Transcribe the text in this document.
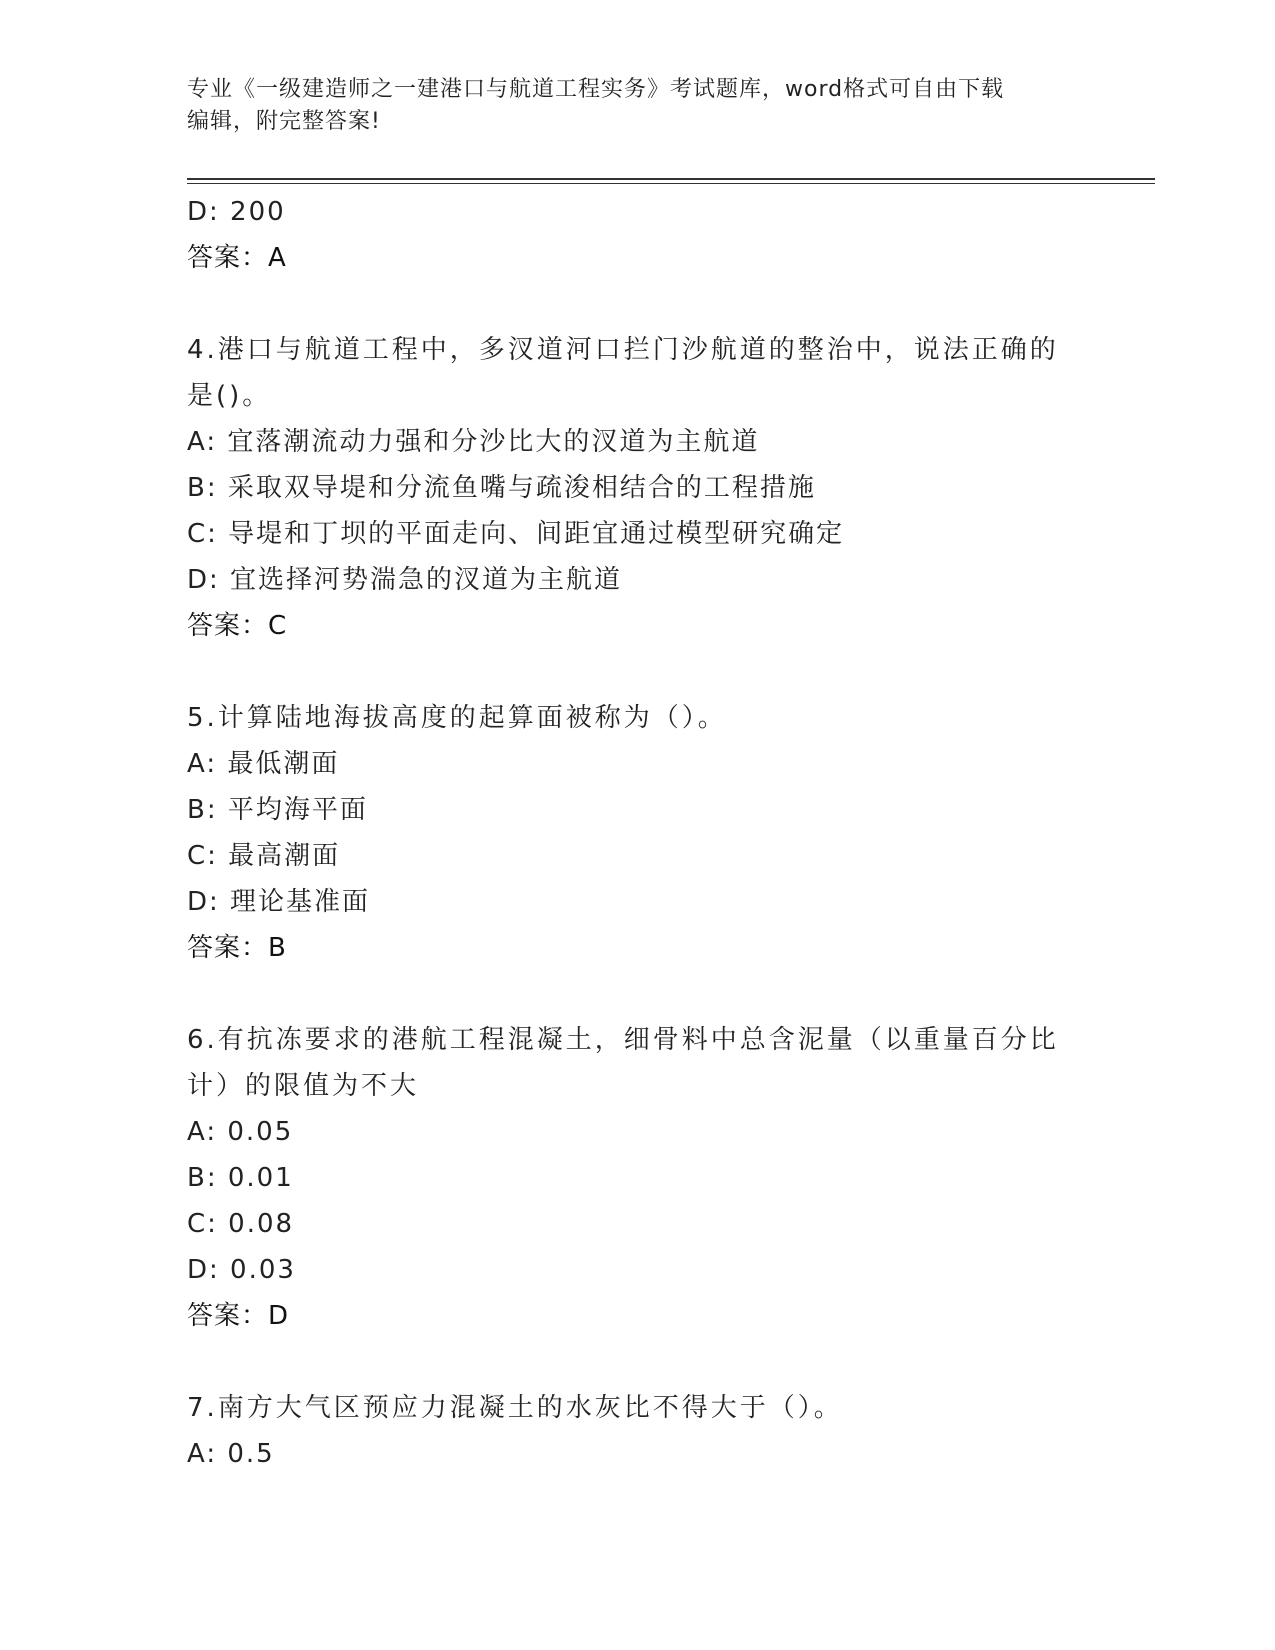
专业《一级建造师之一建港口与航道工程实务》考试题库，word格式可自由下载
编辑，附完整答案!
D: 200
答案：A
4.港口与航道工程中，多汊道河口拦门沙航道的整治中，说法正确的
是()。
A: 宜落潮流动力强和分沙比大的汊道为主航道
B: 采取双导堤和分流鱼嘴与疏浚相结合的工程措施
C: 导堤和丁坝的平面走向、间距宜通过模型研究确定
D: 宜选择河势湍急的汊道为主航道
答案：C
5.计算陆地海拔高度的起算面被称为（）。
A: 最低潮面
B: 平均海平面
C: 最高潮面
D: 理论基准面
答案：B
6.有抗冻要求的港航工程混凝土，细骨料中总含泥量（以重量百分比
计）的限值为不大
A: 0.05
B: 0.01
C: 0.08
D: 0.03
答案：D
7.南方大气区预应力混凝土的水灰比不得大于（）。
A: 0.5
